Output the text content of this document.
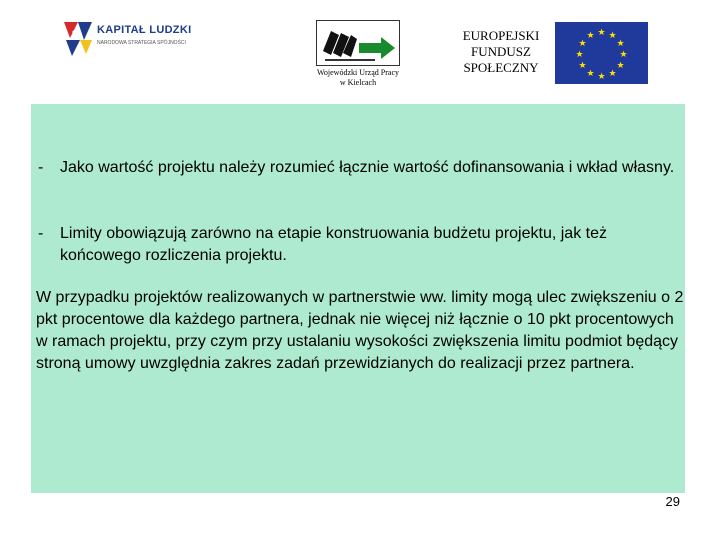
KAPITAŁ LUDZKI
NARODOWA STRATEGIA SPÓJNOŚCI
Wojewódzki Urząd Pracy
w Kielcach
EUROPEJSKI
FUNDUSZ
SPOŁECZNY
★ ★
★
★
★
★
★
★
★
★
★
★
- Jako wartość projektu należy rozumieć łącznie wartość dofinansowania i wkład własny.
- Limity obowiązują zarówno na etapie konstruowania budżetu projektu, jak też końcowego rozliczenia projektu.
W przypadku projektów realizowanych w partnerstwie ww. limity mogą ulec zwiększeniu o 2 pkt procentowe dla każdego partnera, jednak nie więcej niż łącznie o 10 pkt procentowych w ramach projektu, przy czym przy ustalaniu wysokości zwiększenia limitu podmiot będący stroną umowy uwzględnia zakres zadań przewidzianych do realizacji przez partnera.
29
